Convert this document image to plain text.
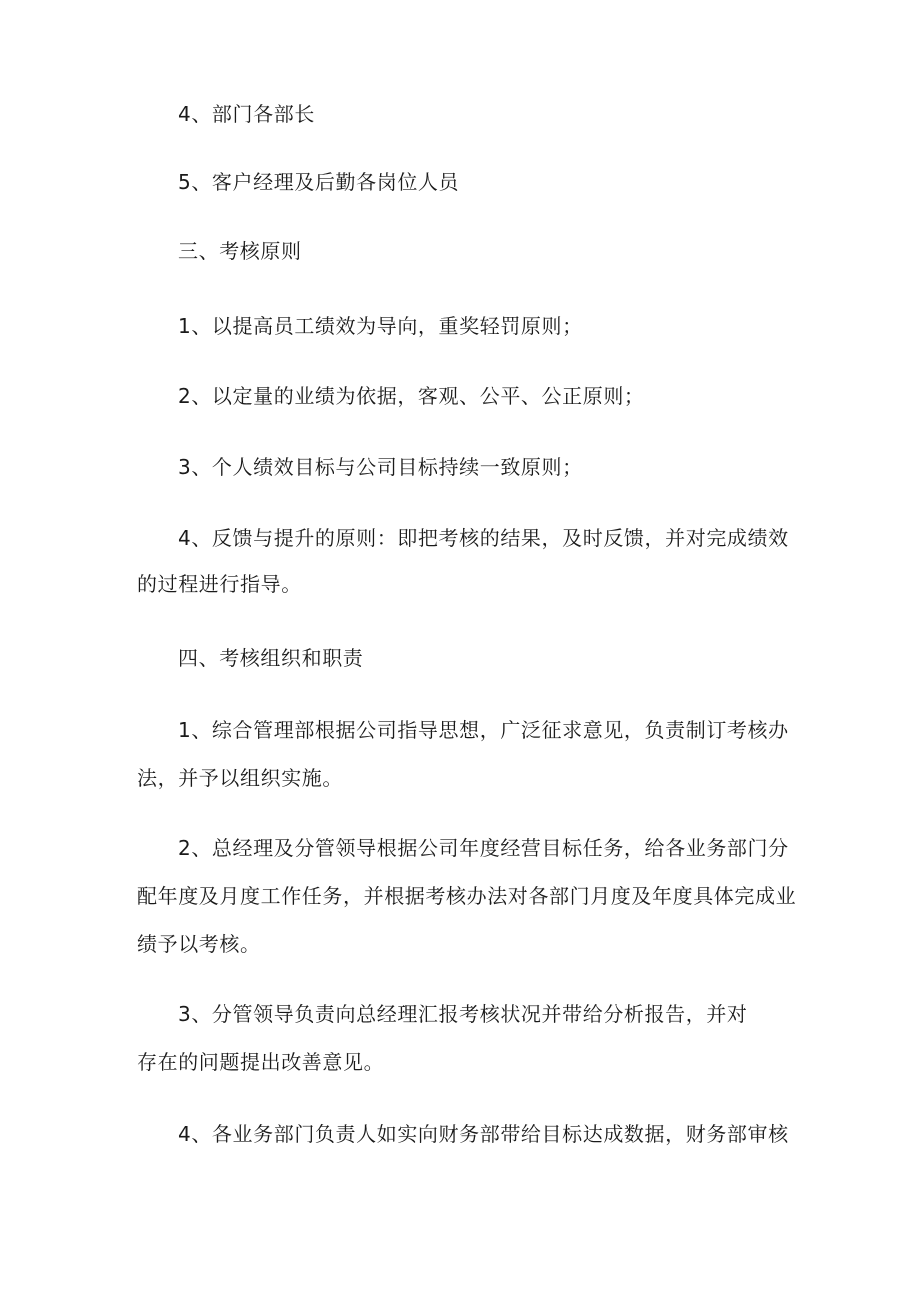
4、部门各部长
5、客户经理及后勤各岗位人员
三、考核原则
1、以提高员工绩效为导向，重奖轻罚原则；
2、以定量的业绩为依据，客观、公平、公正原则；
3、个人绩效目标与公司目标持续一致原则；
4、反馈与提升的原则：即把考核的结果，及时反馈，并对完成绩效
的过程进行指导。
四、考核组织和职责
1、综合管理部根据公司指导思想，广泛征求意见，负责制订考核办
法，并予以组织实施。
2、总经理及分管领导根据公司年度经营目标任务，给各业务部门分
配年度及月度工作任务，并根据考核办法对各部门月度及年度具体完成业
绩予以考核。
3、分管领导负责向总经理汇报考核状况并带给分析报告，并对
存在的问题提出改善意见。
4、各业务部门负责人如实向财务部带给目标达成数据，财务部审核
